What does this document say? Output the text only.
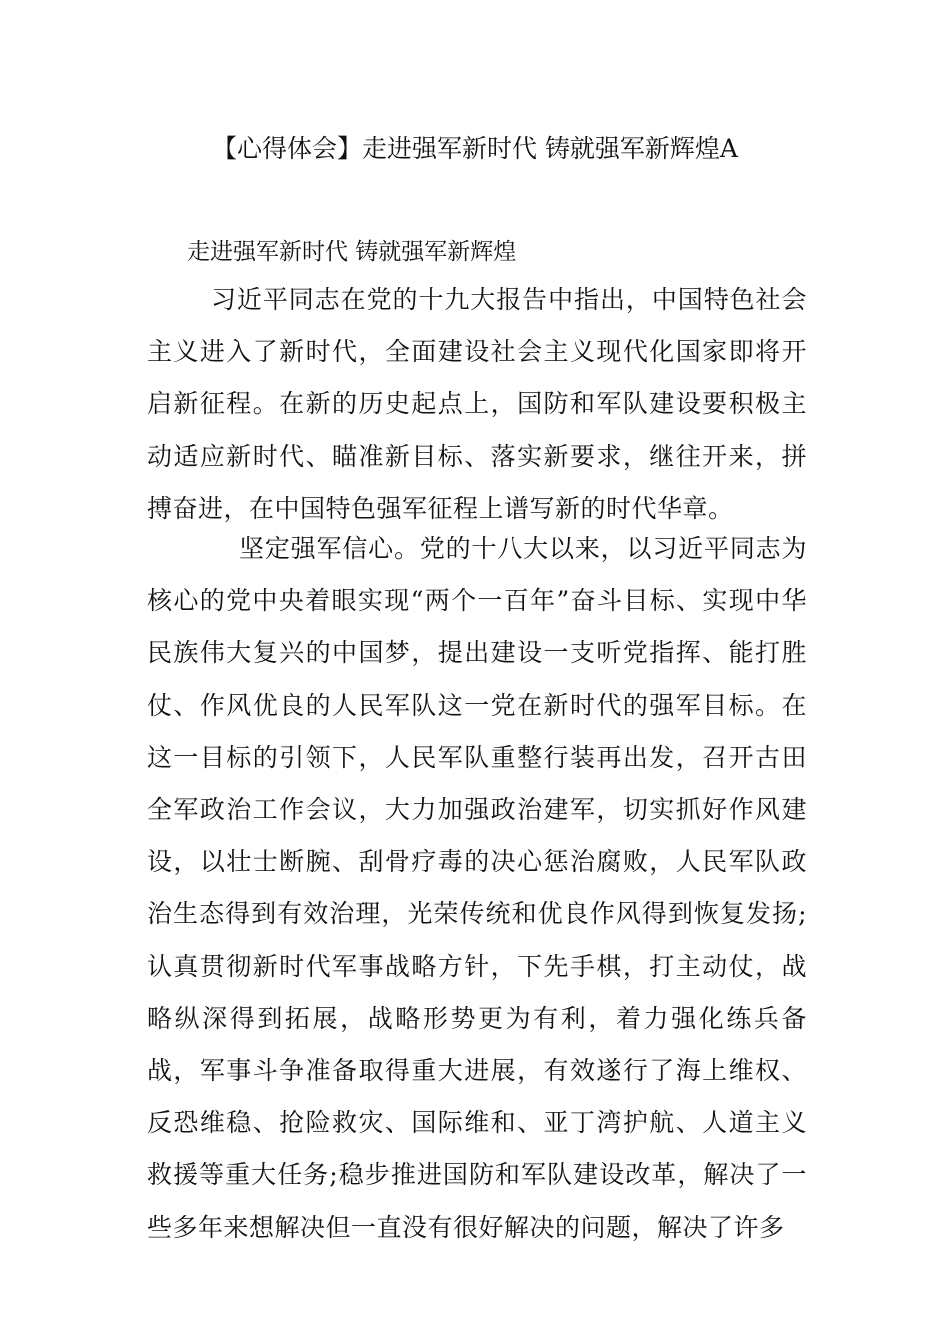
【心得体会】走进强军新时代 铸就强军新辉煌A
走进强军新时代 铸就强军新辉煌
习近平同志在党的十九大报告中指出，中国特色社会主义进入了新时代，全面建设社会主义现代化国家即将开启新征程。在新的历史起点上，国防和军队建设要积极主动适应新时代、瞄准新目标、落实新要求，继往开来，拼搏奋进，在中国特色强军征程上谱写新的时代华章。
坚定强军信心。党的十八大以来，以习近平同志为核心的党中央着眼实现“两个一百年”奋斗目标、实现中华民族伟大复兴的中国梦，提出建设一支听党指挥、能打胜仗、作风优良的人民军队这一党在新时代的强军目标。在这一目标的引领下，人民军队重整行装再出发，召开古田全军政治工作会议，大力加强政治建军，切实抓好作风建设，以壮士断腕、刮骨疗毒的决心惩治腐败，人民军队政治生态得到有效治理，光荣传统和优良作风得到恢复发扬;认真贯彻新时代军事战略方针，下先手棋，打主动仗，战略纵深得到拓展，战略形势更为有利，着力强化练兵备战，军事斗争准备取得重大进展，有效遂行了海上维权、反恐维稳、抢险救灾、国际维和、亚丁湾护航、人道主义救援等重大任务;稳步推进国防和军队建设改革，解决了一些多年来想解决但一直没有很好解决的问题，解决了许多
